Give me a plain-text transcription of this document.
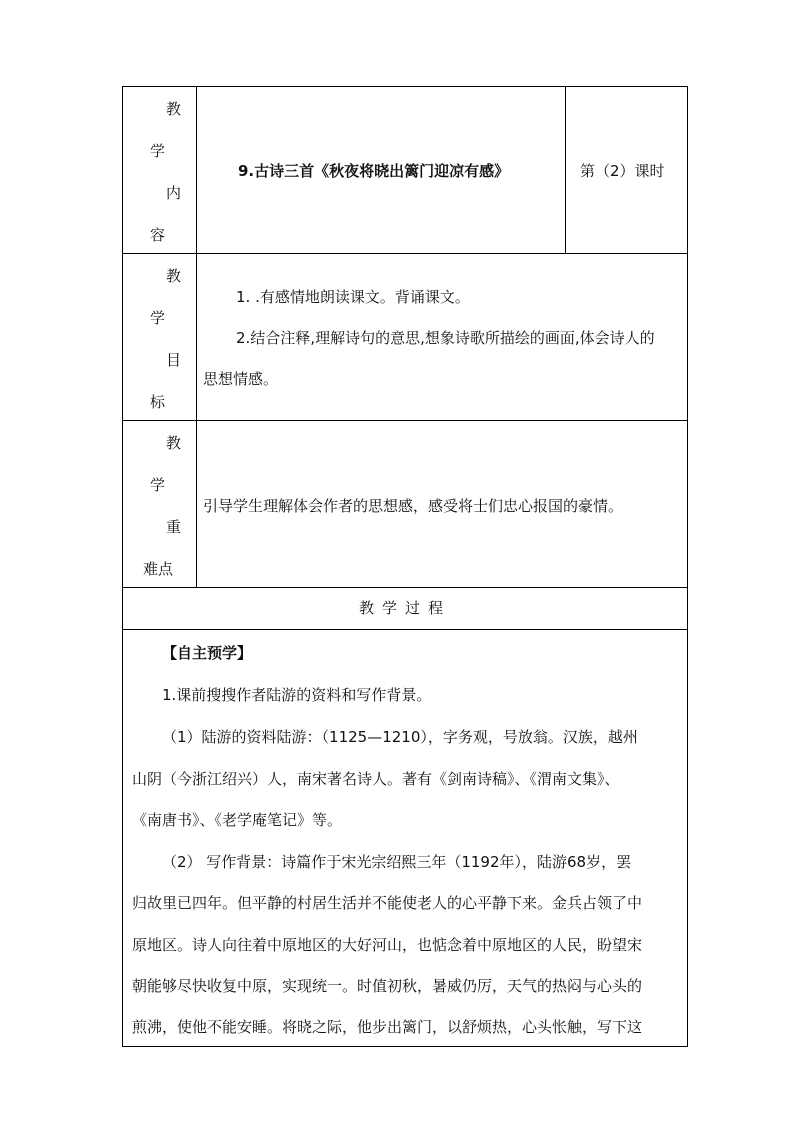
教
学
内
容
9.古诗三首《秋夜将晓出篱门迎凉有感》	第（2）课时
教
学
目
标
1. .有感情地朗读课文。背诵课文。
2.结合注释,理解诗句的意思,想象诗歌所描绘的画面,体会诗人的
思想情感。
教
学
重
难点
引导学生理解体会作者的思想感，感受将士们忠心报国的豪情。
教学过程
【自主预学】
1.课前搜搜作者陆游的资料和写作背景。
（1）陆游的资料陆游：（1125—1210），字务观，号放翁。汉族，越州
山阴（今浙江绍兴）人，南宋著名诗人。著有《剑南诗稿》、《渭南文集》、
《南唐书》、《老学庵笔记》等。
（2） 写作背景：诗篇作于宋光宗绍熙三年（1192年），陆游68岁，罢
归故里已四年。但平静的村居生活并不能使老人的心平静下来。金兵占领了中
原地区。诗人向往着中原地区的大好河山，也惦念着中原地区的人民，盼望宋
朝能够尽快收复中原，实现统一。时值初秋，暑威仍厉，天气的热闷与心头的
煎沸，使他不能安睡。将晓之际，他步出篱门，以舒烦热，心头怅触，写下这
